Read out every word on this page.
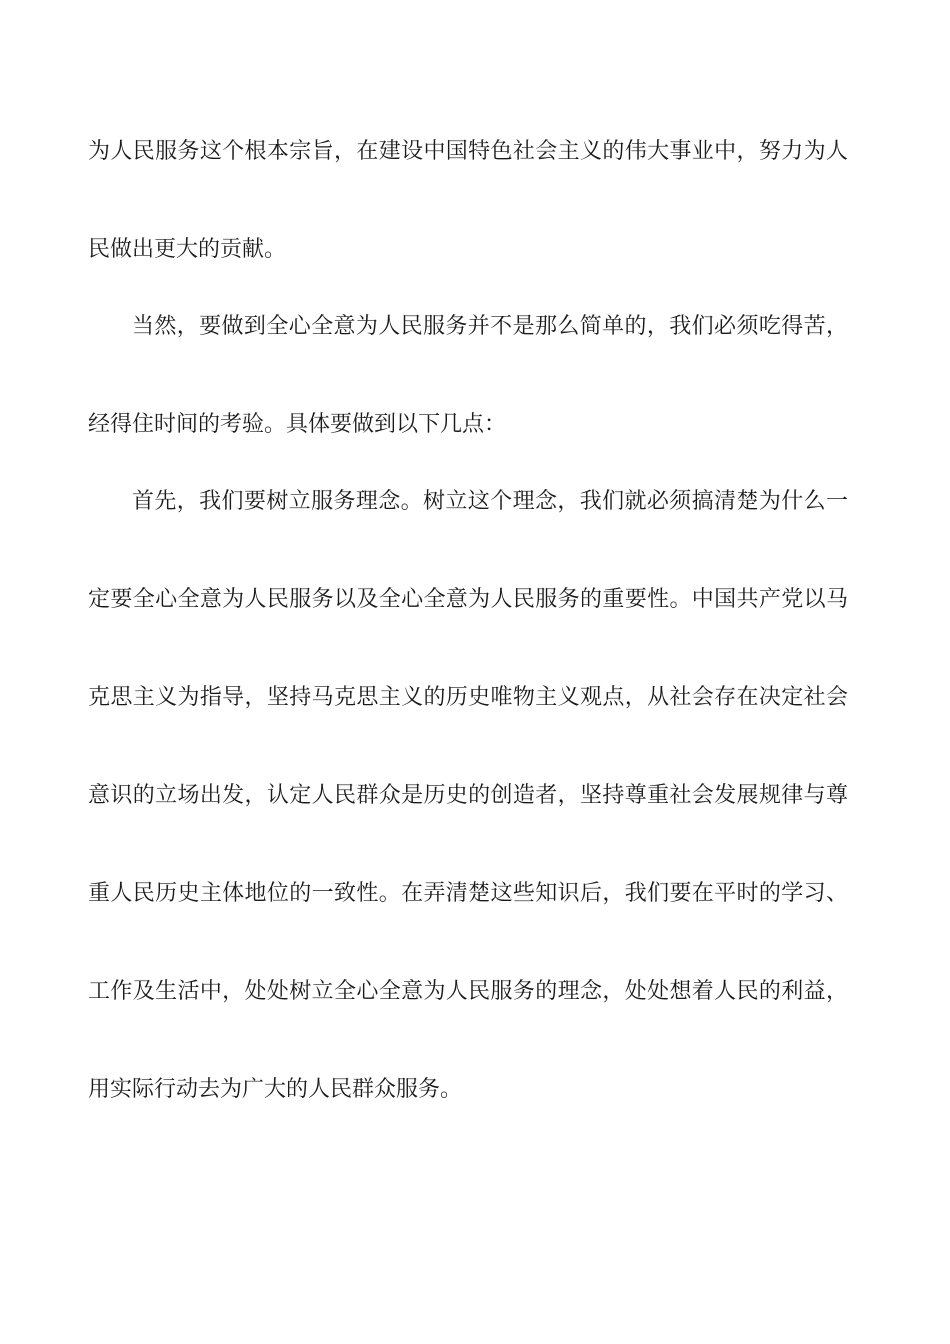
为人民服务这个根本宗旨，在建设中国特色社会主义的伟大事业中，努力为人
民做出更大的贡献。
当然，要做到全心全意为人民服务并不是那么简单的，我们必须吃得苦，
经得住时间的考验。具体要做到以下几点：
首先，我们要树立服务理念。树立这个理念，我们就必须搞清楚为什么一
定要全心全意为人民服务以及全心全意为人民服务的重要性。中国共产党以马
克思主义为指导，坚持马克思主义的历史唯物主义观点，从社会存在决定社会
意识的立场出发，认定人民群众是历史的创造者，坚持尊重社会发展规律与尊
重人民历史主体地位的一致性。在弄清楚这些知识后，我们要在平时的学习、
工作及生活中，处处树立全心全意为人民服务的理念，处处想着人民的利益，
用实际行动去为广大的人民群众服务。
